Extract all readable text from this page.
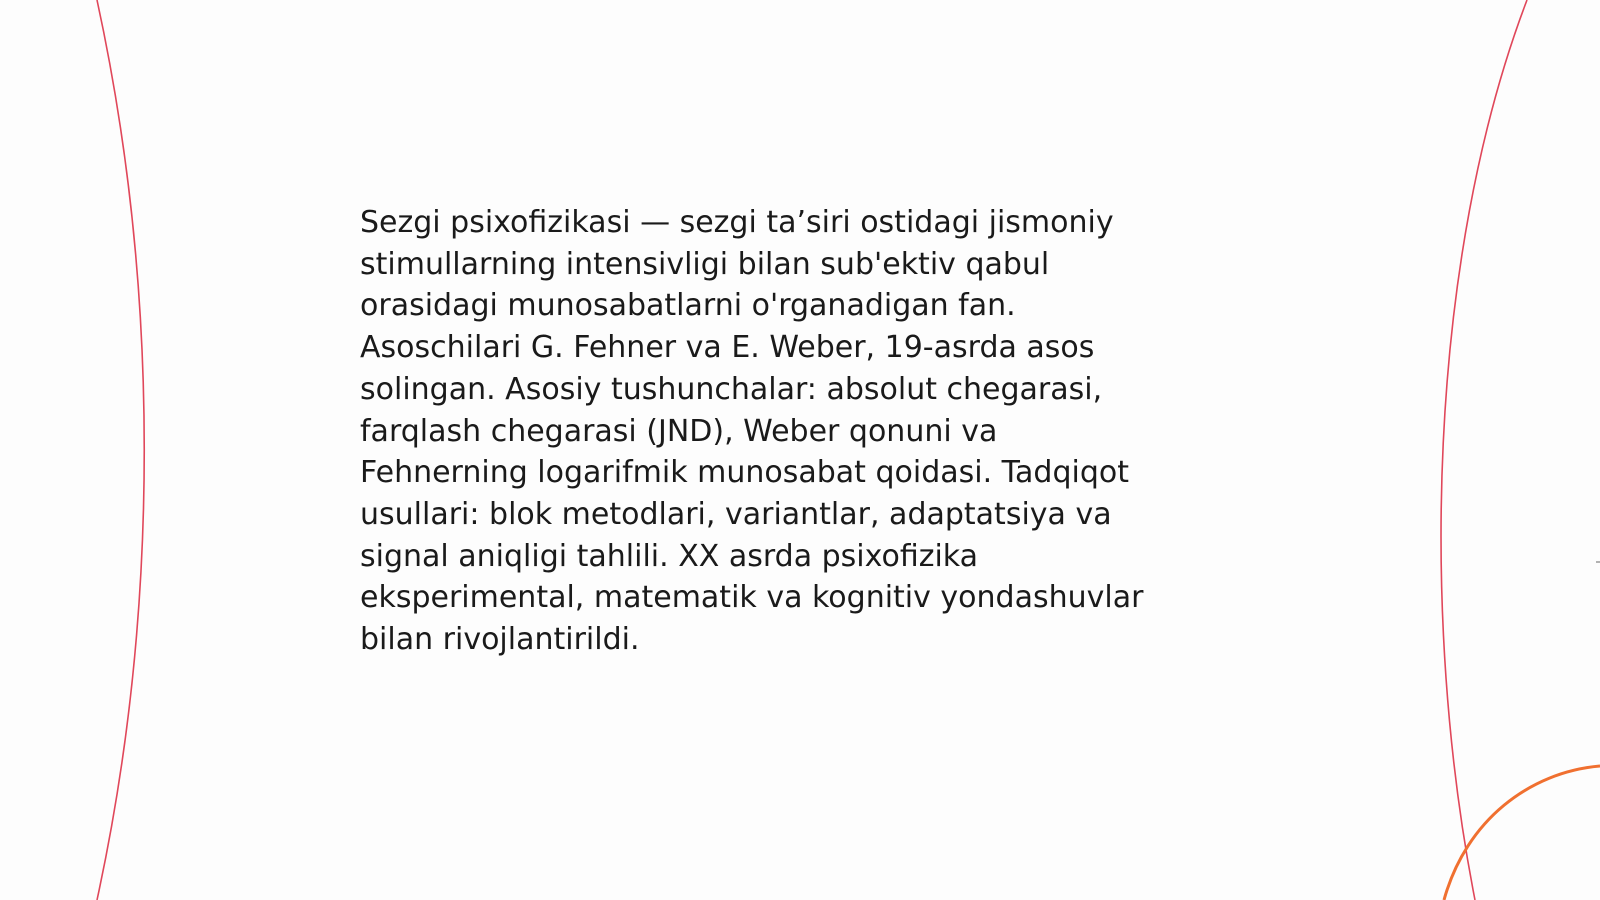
Sezgi psixofizikasi — sezgi ta’siri ostidagi jismoniy
stimullarning intensivligi bilan sub'ektiv qabul
orasidagi munosabatlarni o'rganadigan fan.
Asoschilari G. Fehner va E. Weber, 19-asrda asos
solingan. Asosiy tushunchalar: absolut chegarasi,
farqlash chegarasi (JND), Weber qonuni va
Fehnerning logarifmik munosabat qoidasi. Tadqiqot
usullari: blok metodlari, variantlar, adaptatsiya va
signal aniqligi tahlili. XX asrda psixofizika
eksperimental, matematik va kognitiv yondashuvlar
bilan rivojlantirildi.
